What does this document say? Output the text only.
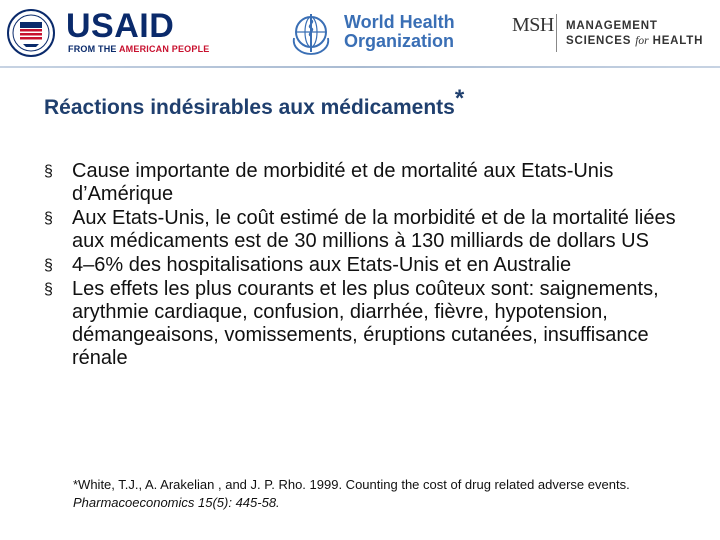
USAID
FROM THE AMERICAN PEOPLE
World Health
Organization
MSH MANAGEMENT
SCIENCES for HEALTH
Réactions indésirables aux médicaments*
§ Cause importante de morbidité et de mortalité aux Etats-Unis d’Amérique
§ Aux Etats-Unis, le coût estimé de la morbidité et de la mortalité liées aux médicaments est de 30 millions à 130 milliards de dollars US
§ 4–6% des hospitalisations aux Etats-Unis et en Australie
§ Les effets les plus courants et les plus coûteux sont: saignements, arythmie cardiaque, confusion, diarrhée, fièvre, hypotension, démangeaisons, vomissements, éruptions cutanées, insuffisance rénale
*White, T.J., A. Arakelian , and J. P. Rho. 1999. Counting the cost of drug related adverse events. Pharmacoeconomics 15(5): 445-58.
